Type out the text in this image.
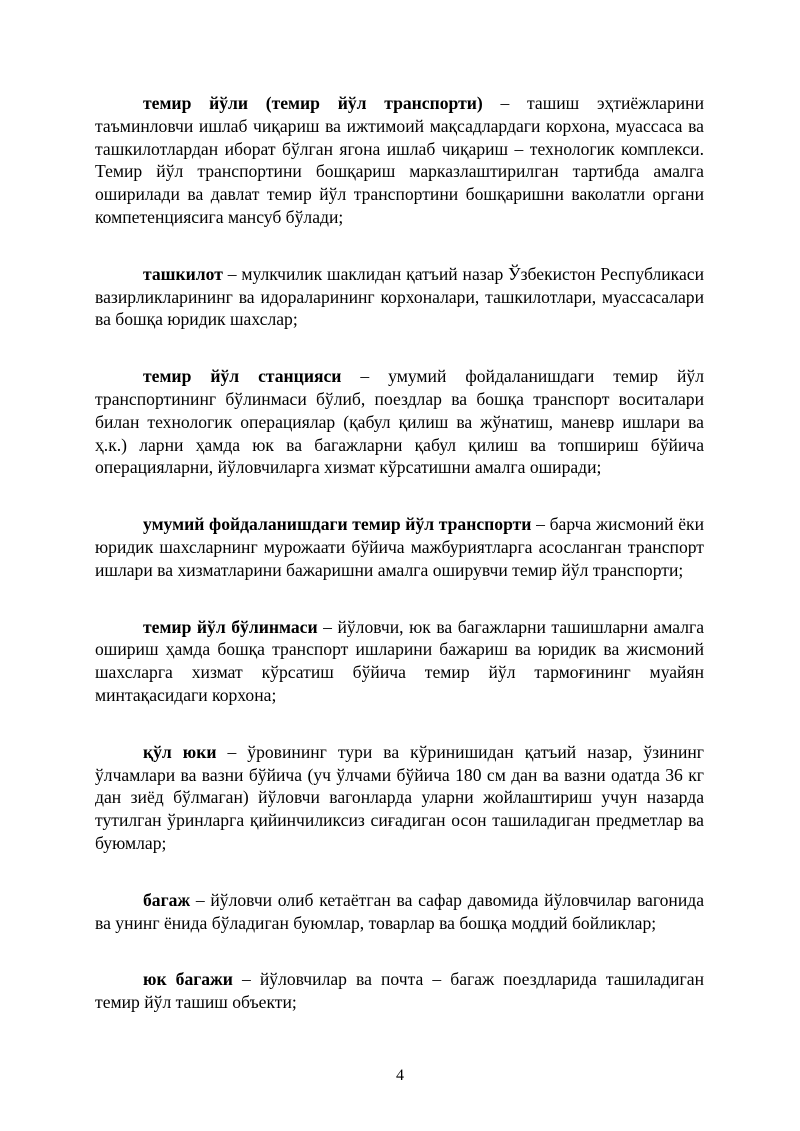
темир йўли (темир йўл транспорти) – ташиш эҳтиёжларини таъминловчи ишлаб чиқариш ва ижтимоий мақсадлардаги корхона, муассаса ва ташкилотлардан иборат бўлган ягона ишлаб чиқариш – технологик комплекси. Темир йўл транспортини бошқариш марказлаштирилган тартибда амалга оширилади ва давлат темир йўл транспортини бошқаришни ваколатли органи компетенциясига мансуб бўлади;

ташкилот – мулкчилик шаклидан қатъий назар Ўзбекистон Республикаси вазирликларининг ва идораларининг корхоналари, ташкилотлари, муассасалари ва бошқа юридик шахслар;

темир йўл станцияси – умумий фойдаланишдаги темир йўл транспортининг бўлинмаси бўлиб, поездлар ва бошқа транспорт воситалари билан технологик операциялар (қабул қилиш ва жўнатиш, маневр ишлари ва ҳ.к.) ларни ҳамда юк ва багажларни қабул қилиш ва топшириш бўйича операцияларни, йўловчиларга хизмат кўрсатишни амалга оширади;

умумий фойдаланишдаги темир йўл транспорти – барча жисмоний ёки юридик шахсларнинг мурожаати бўйича мажбуриятларга асосланган транспорт ишлари ва хизматларини бажаришни амалга оширувчи темир йўл транспорти;

темир йўл бўлинмаси – йўловчи, юк ва багажларни ташишларни амалга ошириш ҳамда бошқа транспорт ишларини бажариш ва юридик ва жисмоний шахсларга хизмат кўрсатиш бўйича темир йўл тармоғининг муайян минтақасидаги корхона;

қўл юки – ўровининг тури ва кўринишидан қатъий назар, ўзининг ўлчамлари ва вазни бўйича (уч ўлчами бўйича 180 см дан ва вазни одатда 36 кг дан зиёд бўлмаган) йўловчи вагонларда уларни жойлаштириш учун назарда тутилган ўринларга қийинчиликсиз сиғадиган осон ташиладиган предметлар ва буюмлар;

багаж – йўловчи олиб кетаётган ва сафар давомида йўловчилар вагонида ва унинг ёнида бўладиган буюмлар, товарлар ва бошқа моддий бойликлар;

юк багажи – йўловчилар ва почта – багаж поездларида ташиладиган темир йўл ташиш объекти;

4
